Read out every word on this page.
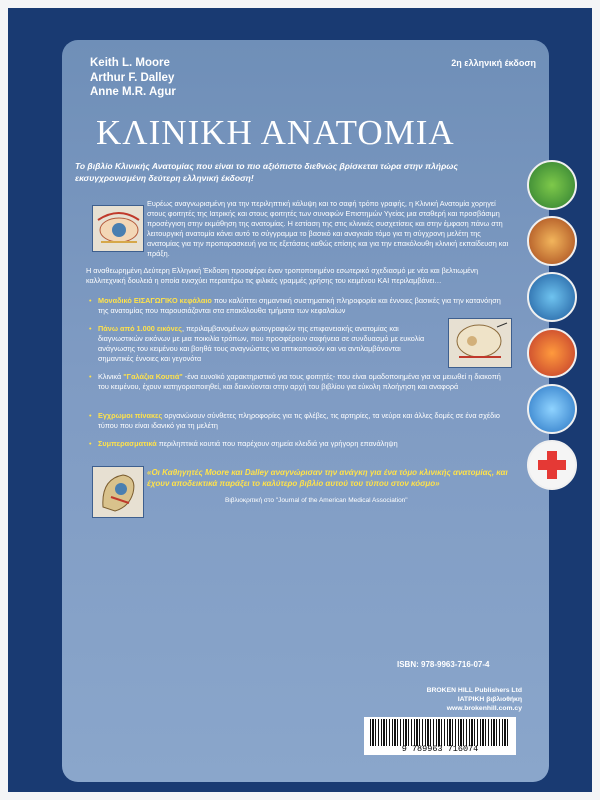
Keith L. Moore
Arthur F. Dalley
Anne M.R. Agur
2η ελληνική έκδοση
ΚΛΙΝΙΚΗ ΑΝΑΤΟΜΙΑ
Το βιβλίο Κλινικής Ανατομίας που είναι το πιο αξιόπιστο διεθνώς βρίσκεται τώρα στην πλήρως εκσυγχρονισμένη δεύτερη ελληνική έκδοση!
Ευρέως αναγνωρισμένη για την περιληπτική κάλυψη και το σαφή τρόπο γραφής, η Κλινική Ανατομία χορηγεί στους φοιτητές της Ιατρικής και στους φοιτητές των συναφών Επιστημών Υγείας μια σταθερή και προσβάσιμη προσέγγιση στην εκμάθηση της ανατομίας. Η εστίαση της στις κλινικές συσχετίσεις και στην έμφαση πάνω στη λειτουργική ανατομία κάνει αυτό το σύγγραμμα το βασικό και αναγκαίο τόμο για τη σύγχρονη μελέτη της ανατομίας για την προπαρασκευή για τις εξετάσεις καθώς επίσης και για την επακόλουθη κλινική εκπαίδευση και πράξη.
Η αναθεωρημένη Δεύτερη Ελληνική Έκδοση προσφέρει έναν τροποποιημένο εσωτερικό σχεδιασμό με νέα και βελτιωμένη καλλιτεχνική δουλειά η οποία ενισχύει περαιτέρω τις φιλικές γραμμές χρήσης του κειμένου ΚΑΙ περιλαμβάνει…
• Μοναδικό ΕΙΣΑΓΩΓΙΚΟ κεφάλαιο που καλύπτει σημαντική συστηματική πληροφορία και έννοιες βασικές για την κατανόηση της ανατομίας που παρουσιάζονται στα επακόλουθα τμήματα των κεφαλαίων
• Πάνω από 1.000 εικόνες, περιλαμβανομένων φωτογραφιών της επιφανειακής ανατομίας και διαγνωστικών εικόνων με μια ποικιλία τρόπων, που προσφέρουν σαφήνεια σε συνδυασμό με ευκολία ανάγνωσης του κειμένου και βοηθά τους αναγνώστες να οπτικοποιούν και να αντιλαμβάνονται σημαντικές έννοιες και γεγονότα
• Κλινικά "Γαλάζια Κουτιά" -ένα ευνοϊκό χαρακτηριστικό για τους φοιτητές- που είναι ομαδοποιημένα για να μειωθεί η διακοπή του κειμένου, έχουν κατηγοριοποιηθεί, και δεικνύονται στην αρχή του βιβλίου για εύκολη πλοήγηση και αναφορά
• Εγχρωμοι πίνακες οργανώνουν σύνθετες πληροφορίες για τις φλέβες, τις αρτηρίες, τα νεύρα και άλλες δομές σε ένα σχέδιο τύπου που είναι ιδανικό για τη μελέτη
• Συμπερασματικά περιληπτικά κουτιά που παρέχουν σημεία κλειδιά για γρήγορη επανάληψη
«Οι Καθηγητές Moore και Dalley αναγνώρισαν την ανάγκη για ένα τόμο κλινικής ανατομίας, και έχουν αποδεικτικά παράξει το καλύτερο βιβλίο αυτού του τύπου στον κόσμο»
Βιβλιοκριτική στο "Journal of the American Medical Association"
ISBN: 978-9963-716-07-4
BROKEN HILL Publishers Ltd
ΙΑΤΡΙΚΗ βιβλιοθήκη
www.brokenhill.com.cy
9 789963 716074
